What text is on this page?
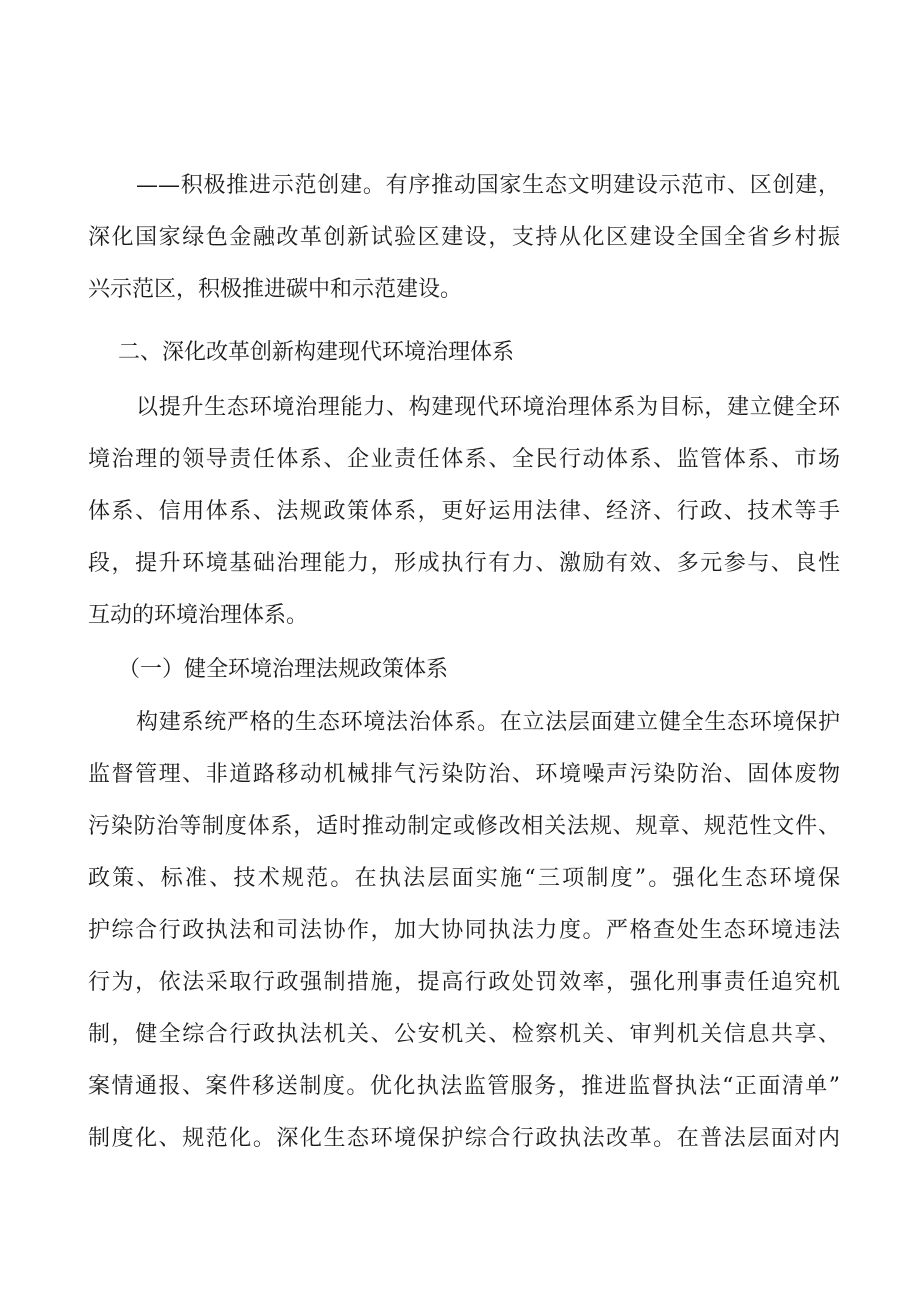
——积极推进示范创建。有序推动国家生态文明建设示范市、区创建，

深化国家绿色金融改革创新试验区建设，支持从化区建设全国全省乡村振

兴示范区，积极推进碳中和示范建设。

二、深化改革创新构建现代环境治理体系

以提升生态环境治理能力、构建现代环境治理体系为目标，建立健全环

境治理的领导责任体系、企业责任体系、全民行动体系、监管体系、市场

体系、信用体系、法规政策体系，更好运用法律、经济、行政、技术等手

段，提升环境基础治理能力，形成执行有力、激励有效、多元参与、良性

互动的环境治理体系。

（一）健全环境治理法规政策体系

构建系统严格的生态环境法治体系。在立法层面建立健全生态环境保护

监督管理、非道路移动机械排气污染防治、环境噪声污染防治、固体废物

污染防治等制度体系，适时推动制定或修改相关法规、规章、规范性文件、

政策、标准、技术规范。在执法层面实施“三项制度”。强化生态环境保

护综合行政执法和司法协作，加大协同执法力度。严格查处生态环境违法

行为，依法采取行政强制措施，提高行政处罚效率，强化刑事责任追究机

制，健全综合行政执法机关、公安机关、检察机关、审判机关信息共享、

案情通报、案件移送制度。优化执法监管服务，推进监督执法“正面清单”

制度化、规范化。深化生态环境保护综合行政执法改革。在普法层面对内
